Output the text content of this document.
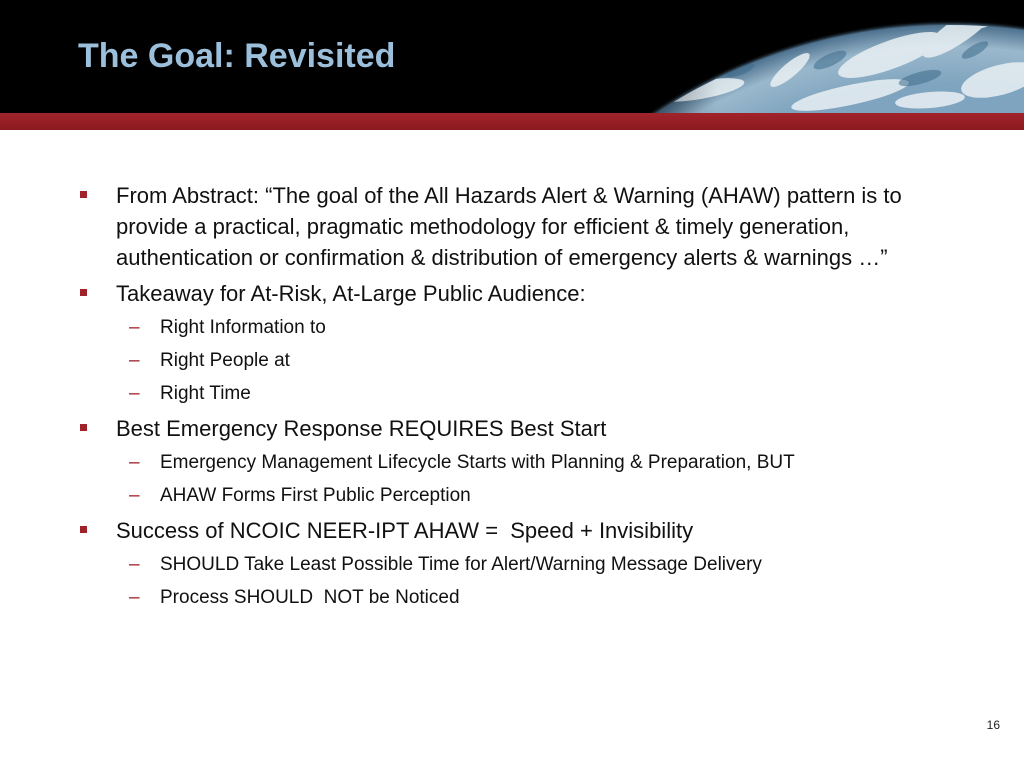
The Goal: Revisited
From Abstract: “The goal of the All Hazards Alert & Warning (AHAW) pattern is to provide a practical, pragmatic methodology for efficient & timely generation, authentication or confirmation & distribution of emergency alerts & warnings …”
Takeaway for At-Risk, At-Large Public Audience:
– Right Information to
– Right People at
– Right Time
Best Emergency Response REQUIRES Best Start
– Emergency Management Lifecycle Starts with Planning & Preparation, BUT
– AHAW Forms First Public Perception
Success of NCOIC NEER-IPT AHAW =  Speed + Invisibility
– SHOULD Take Least Possible Time for Alert/Warning Message Delivery
– Process SHOULD  NOT be Noticed
16
